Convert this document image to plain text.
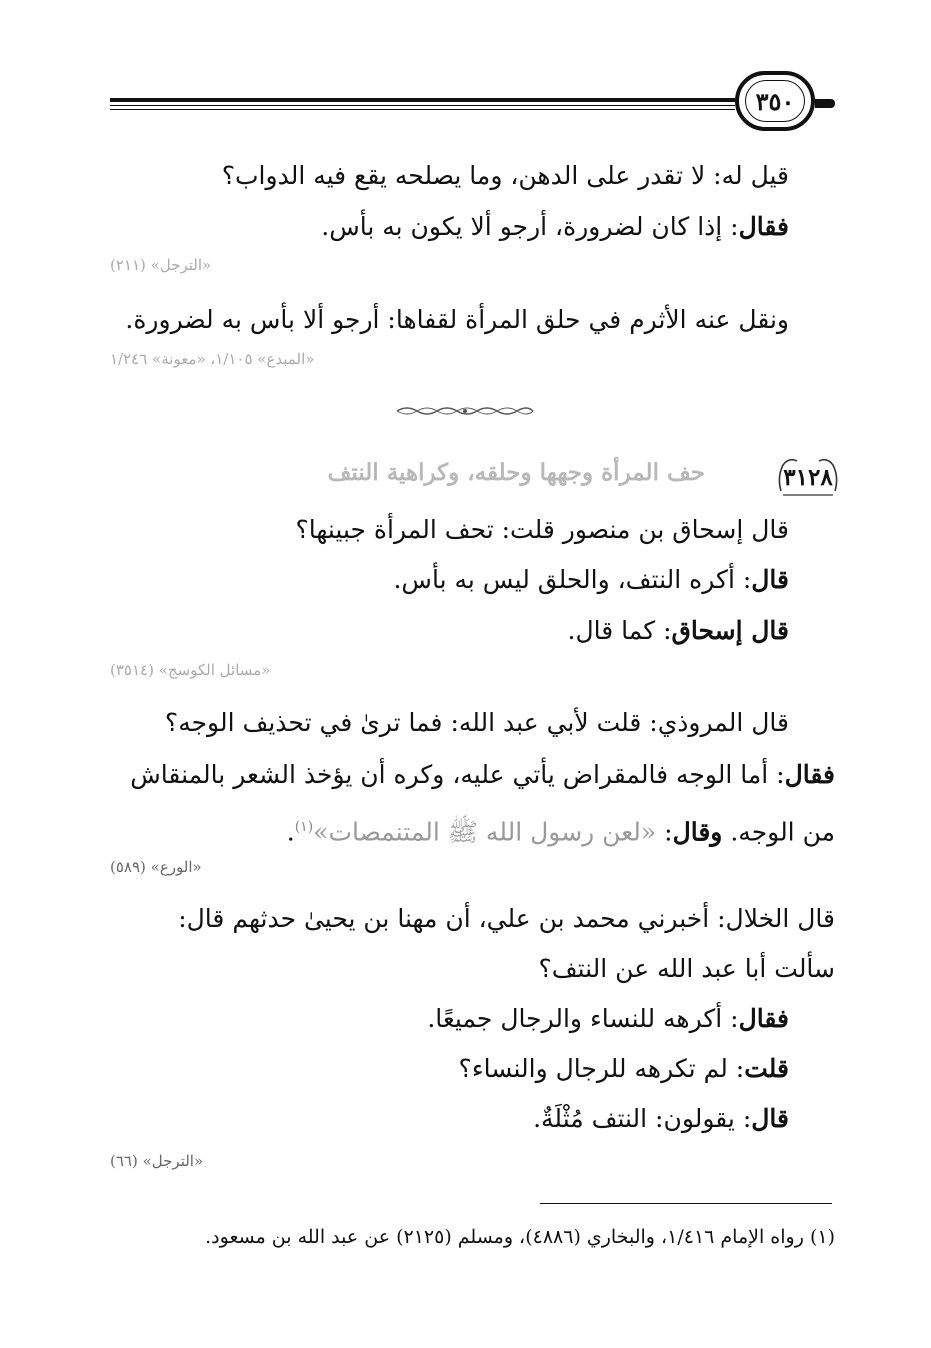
٣٥٠
قيل له: لا تقدر على الدهن، وما يصلحه يقع فيه الدواب؟
فقال: إذا كان لضرورة، أرجو ألا يكون به بأس.
«الترجل» (٢١١)
ونقل عنه الأثرم في حلق المرأة لقفاها: أرجو ألا بأس به لضرورة.
«المبدع» ١/١٠٥، «معونة» ١/٢٤٦
٣١٢٨
حف المرأة وجهها وحلقه، وكراهية النتف
قال إسحاق بن منصور قلت: تحف المرأة جبينها؟
قال: أكره النتف، والحلق ليس به بأس.
قال إسحاق: كما قال.
«مسائل الكوسج» (٣٥١٤)
قال المروذي: قلت لأبي عبد الله: فما ترىٰ في تحذيف الوجه؟
فقال: أما الوجه فالمقراض يأتي عليه، وكره أن يؤخذ الشعر بالمنقاش
من الوجه. وقال: «لعن رسول الله ﷺ المتنمصات»$^{(١)}$.
«الورع» (٥٨٩)
قال الخلال: أخبرني محمد بن علي، أن مهنا بن يحيىٰ حدثهم قال:
سألت أبا عبد الله عن النتف؟
فقال: أكرهه للنساء والرجال جميعًا.
قلت: لم تكرهه للرجال والنساء؟
قال: يقولون: النتف مُثْلَةٌ.
«الترجل» (٦٦)
(١) رواه الإمام ١/٤١٦، والبخاري (٤٨٨٦)، ومسلم (٢١٢٥) عن عبد الله بن مسعود.
